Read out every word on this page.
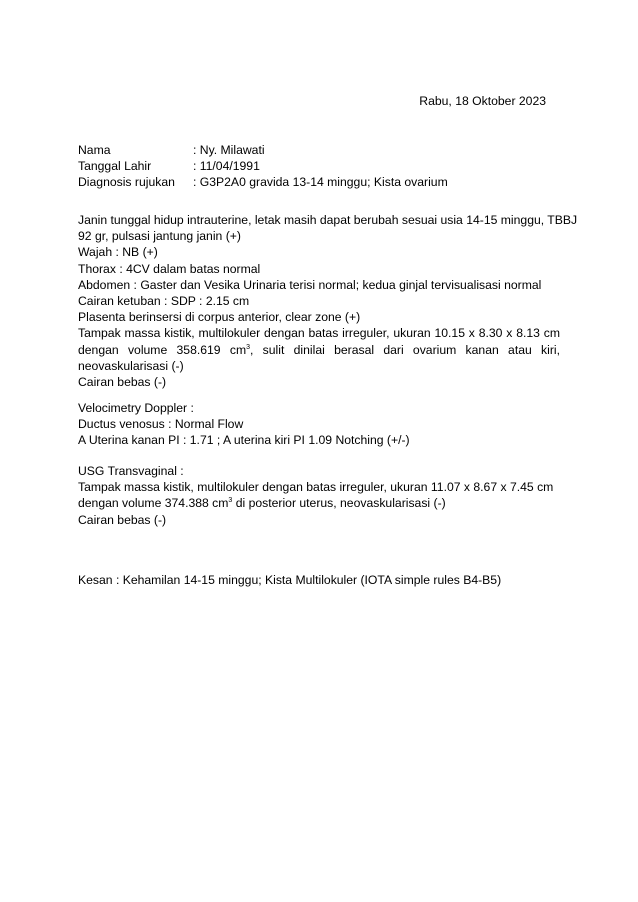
Rabu, 18 Oktober 2023
Nama	: Ny. Milawati
Tanggal Lahir	: 11/04/1991
Diagnosis rujukan	: G3P2A0 gravida 13-14 minggu; Kista ovarium
Janin tunggal hidup intrauterine, letak masih dapat berubah sesuai usia 14-15 minggu, TBBJ
92 gr, pulsasi jantung janin (+)
Wajah : NB (+)
Thorax : 4CV dalam batas normal
Abdomen : Gaster dan Vesika Urinaria terisi normal; kedua ginjal tervisualisasi normal
Cairan ketuban : SDP : 2.15 cm
Plasenta berinsersi di corpus anterior, clear zone (+)
Tampak massa kistik, multilokuler dengan batas irreguler, ukuran 10.15 x 8.30 x 8.13 cm
dengan volume 358.619 $cm^3$, sulit dinilai berasal dari ovarium kanan atau kiri,
neovaskularisasi (-)
Cairan bebas (-)
Velocimetry Doppler :
Ductus venosus : Normal Flow
A Uterina kanan PI : 1.71 ; A uterina kiri PI 1.09 Notching (+/-)
USG Transvaginal :
Tampak massa kistik, multilokuler dengan batas irreguler, ukuran 11.07 x 8.67 x 7.45 cm
dengan volume 374.388 $cm^3$ di posterior uterus, neovaskularisasi (-)
Cairan bebas (-)
Kesan : Kehamilan 14-15 minggu; Kista Multilokuler (IOTA simple rules B4-B5)
